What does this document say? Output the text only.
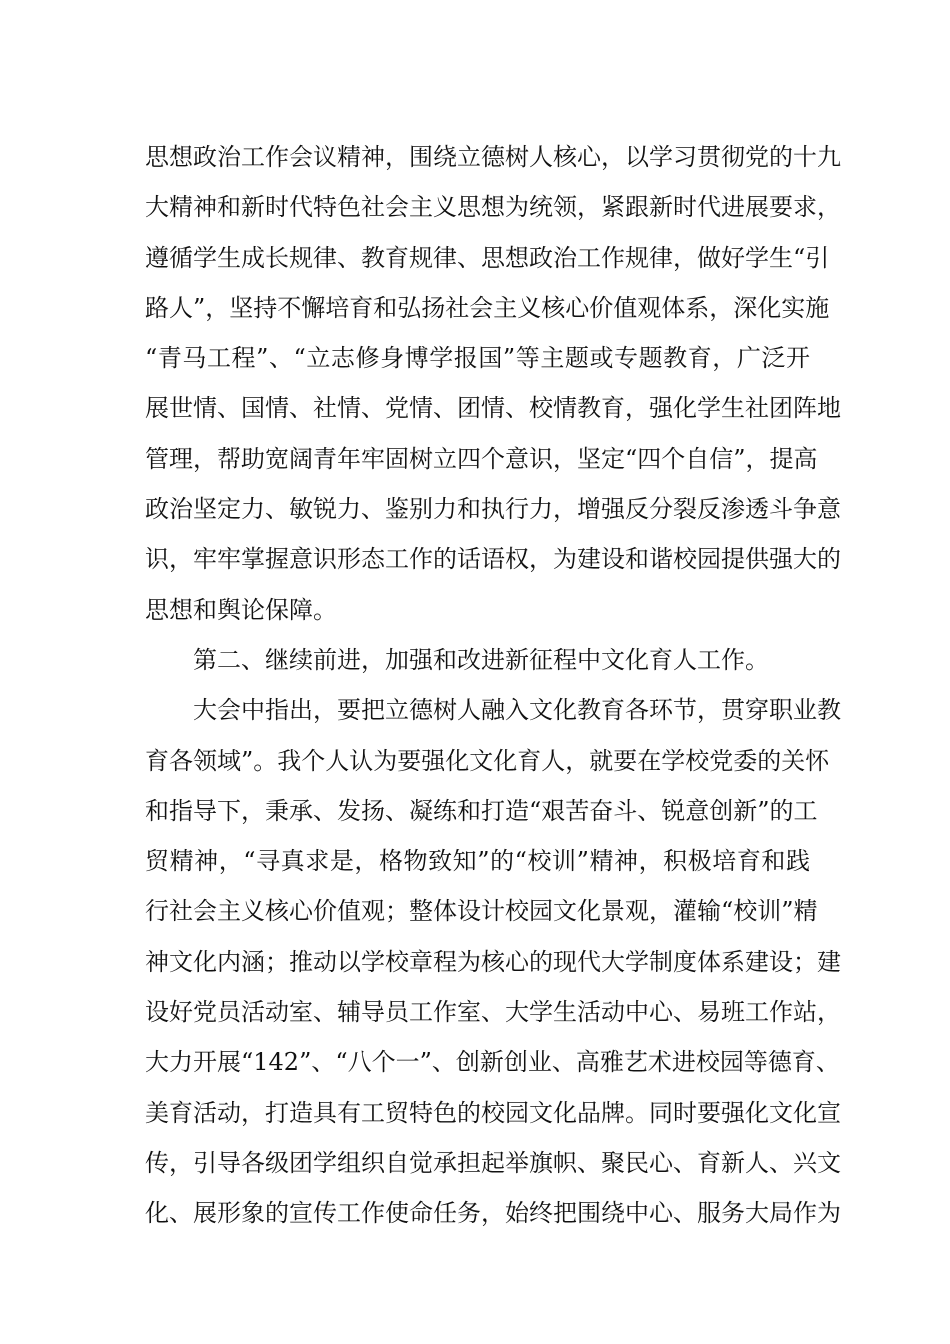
思想政治工作会议精神，围绕立德树人核心，以学习贯彻党的十九
大精神和新时代特色社会主义思想为统领，紧跟新时代进展要求，
遵循学生成长规律、教育规律、思想政治工作规律，做好学生“引
路人”，坚持不懈培育和弘扬社会主义核心价值观体系，深化实施
“青马工程”、“立志修身博学报国”等主题或专题教育，广泛开
展世情、国情、社情、党情、团情、校情教育，强化学生社团阵地
管理，帮助宽阔青年牢固树立四个意识，坚定“四个自信”，提高
政治坚定力、敏锐力、鉴别力和执行力，增强反分裂反渗透斗争意
识，牢牢掌握意识形态工作的话语权，为建设和谐校园提供强大的
思想和舆论保障。
第二、继续前进，加强和改进新征程中文化育人工作。
大会中指出，要把立德树人融入文化教育各环节，贯穿职业教
育各领域”。我个人认为要强化文化育人，就要在学校党委的关怀
和指导下，秉承、发扬、凝练和打造“艰苦奋斗、锐意创新”的工
贸精神，“寻真求是，格物致知”的“校训”精神，积极培育和践
行社会主义核心价值观；整体设计校园文化景观，灌输“校训”精
神文化内涵；推动以学校章程为核心的现代大学制度体系建设；建
设好党员活动室、辅导员工作室、大学生活动中心、易班工作站，
大力开展“142”、“八个一”、创新创业、高雅艺术进校园等德育、
美育活动，打造具有工贸特色的校园文化品牌。同时要强化文化宣
传，引导各级团学组织自觉承担起举旗帜、聚民心、育新人、兴文
化、展形象的宣传工作使命任务，始终把围绕中心、服务大局作为
